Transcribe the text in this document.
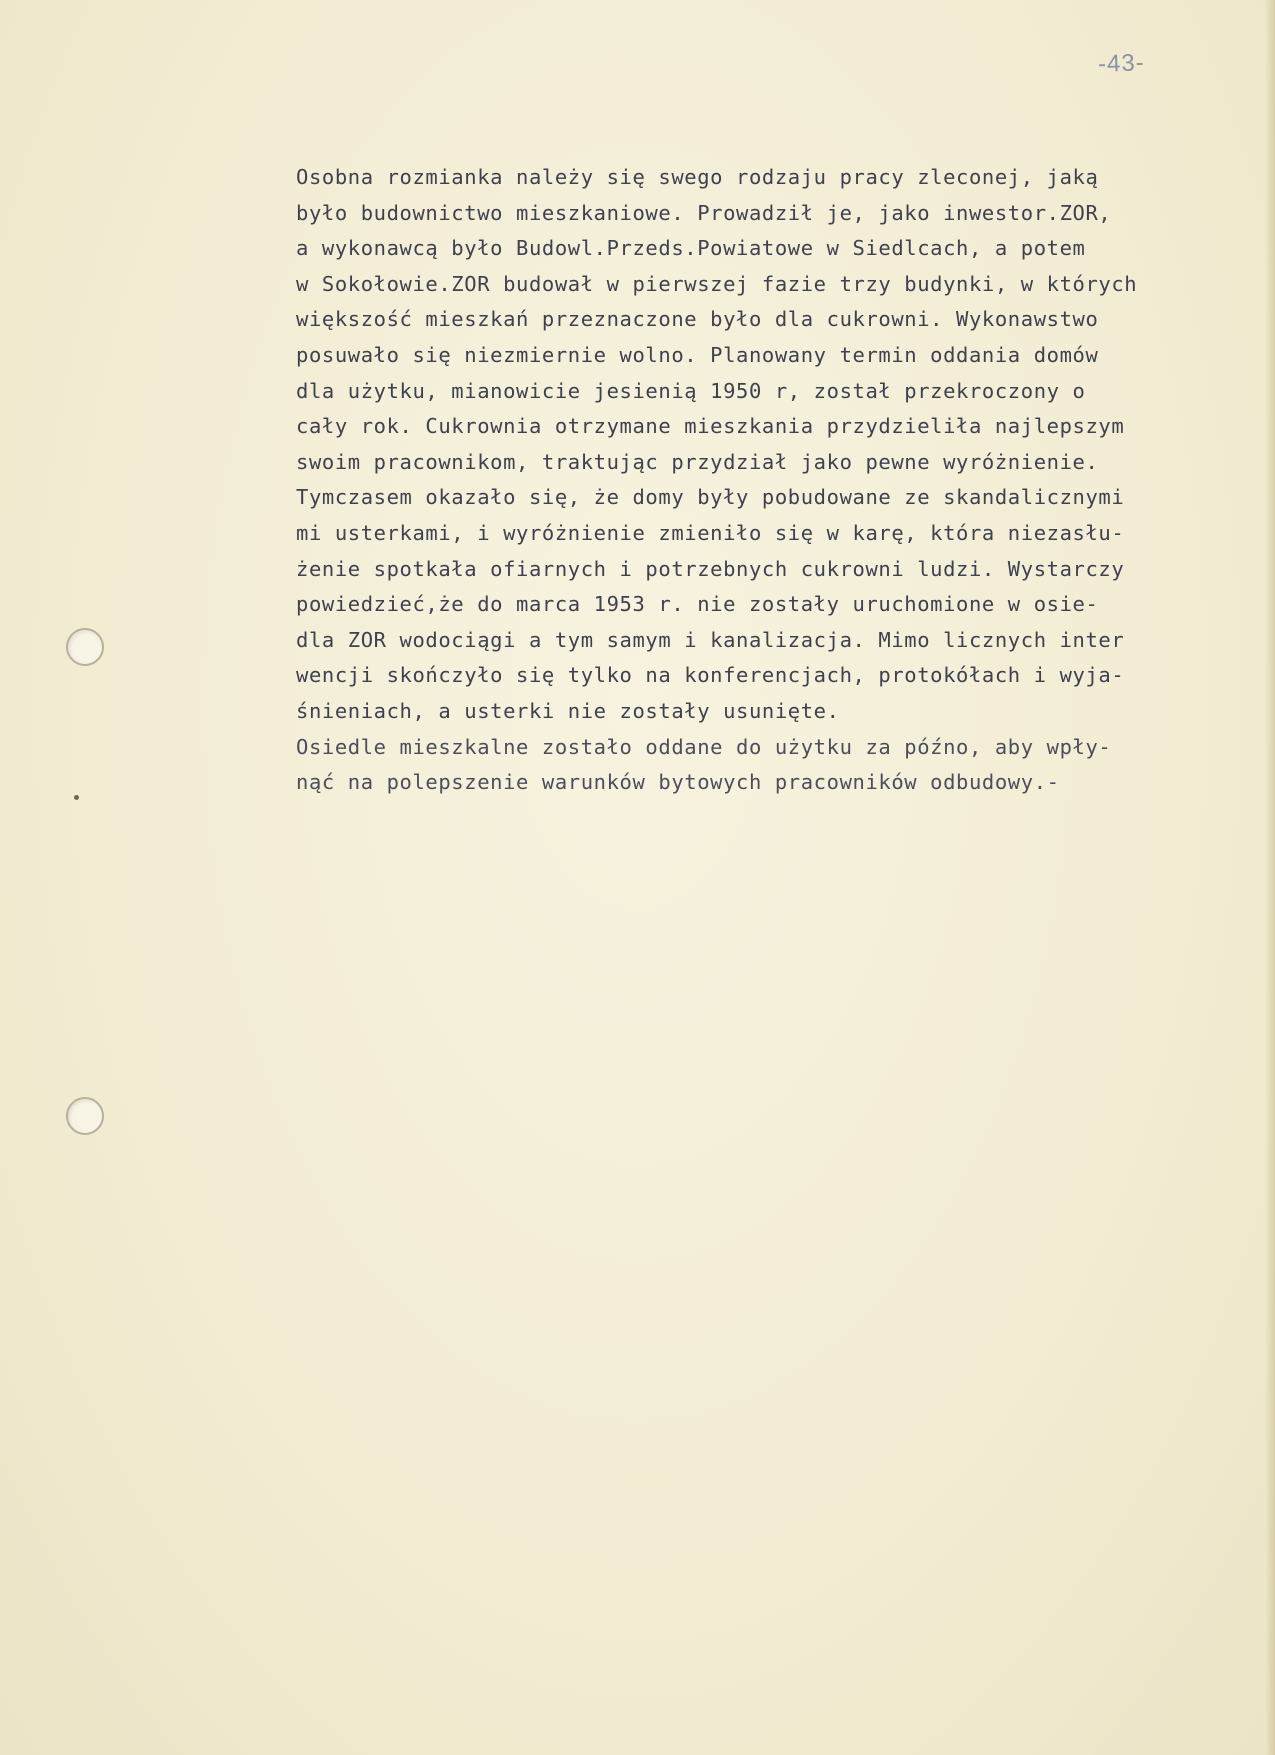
-43-
Osobna rozmianka należy się swego rodzaju pracy zleconej, jaką
było budownictwo mieszkaniowe. Prowadził je, jako inwestor.ZOR,
a wykonawcą było Budowl.Przeds.Powiatowe w Siedlcach, a potem
w Sokołowie.ZOR budował w pierwszej fazie trzy budynki, w których
większość mieszkań przeznaczone było dla cukrowni. Wykonawstwo
posuwało się niezmiernie wolno. Planowany termin oddania domów
dla użytku, mianowicie jesienią 1950 r, został przekroczony o
cały rok. Cukrownia otrzymane mieszkania przydzieliła najlepszym
swoim pracownikom, traktując przydział jako pewne wyróżnienie.
Tymczasem okazało się, że domy były pobudowane ze skandalicznymi
mi usterkami, i wyróżnienie zmieniło się w karę, która niezasłu-
żenie spotkała ofiarnych i potrzebnych cukrowni ludzi. Wystarczy
powiedzieć,że do marca 1953 r. nie zostały uruchomione w osie-
dla ZOR wodociągi a tym samym i kanalizacja. Mimo licznych inter
wencji skończyło się tylko na konferencjach, protokółach i wyja-
śnieniach, a usterki nie zostały usunięte.
Osiedle mieszkalne zostało oddane do użytku za późno, aby wpły-
nąć na polepszenie warunków bytowych pracowników odbudowy.-
